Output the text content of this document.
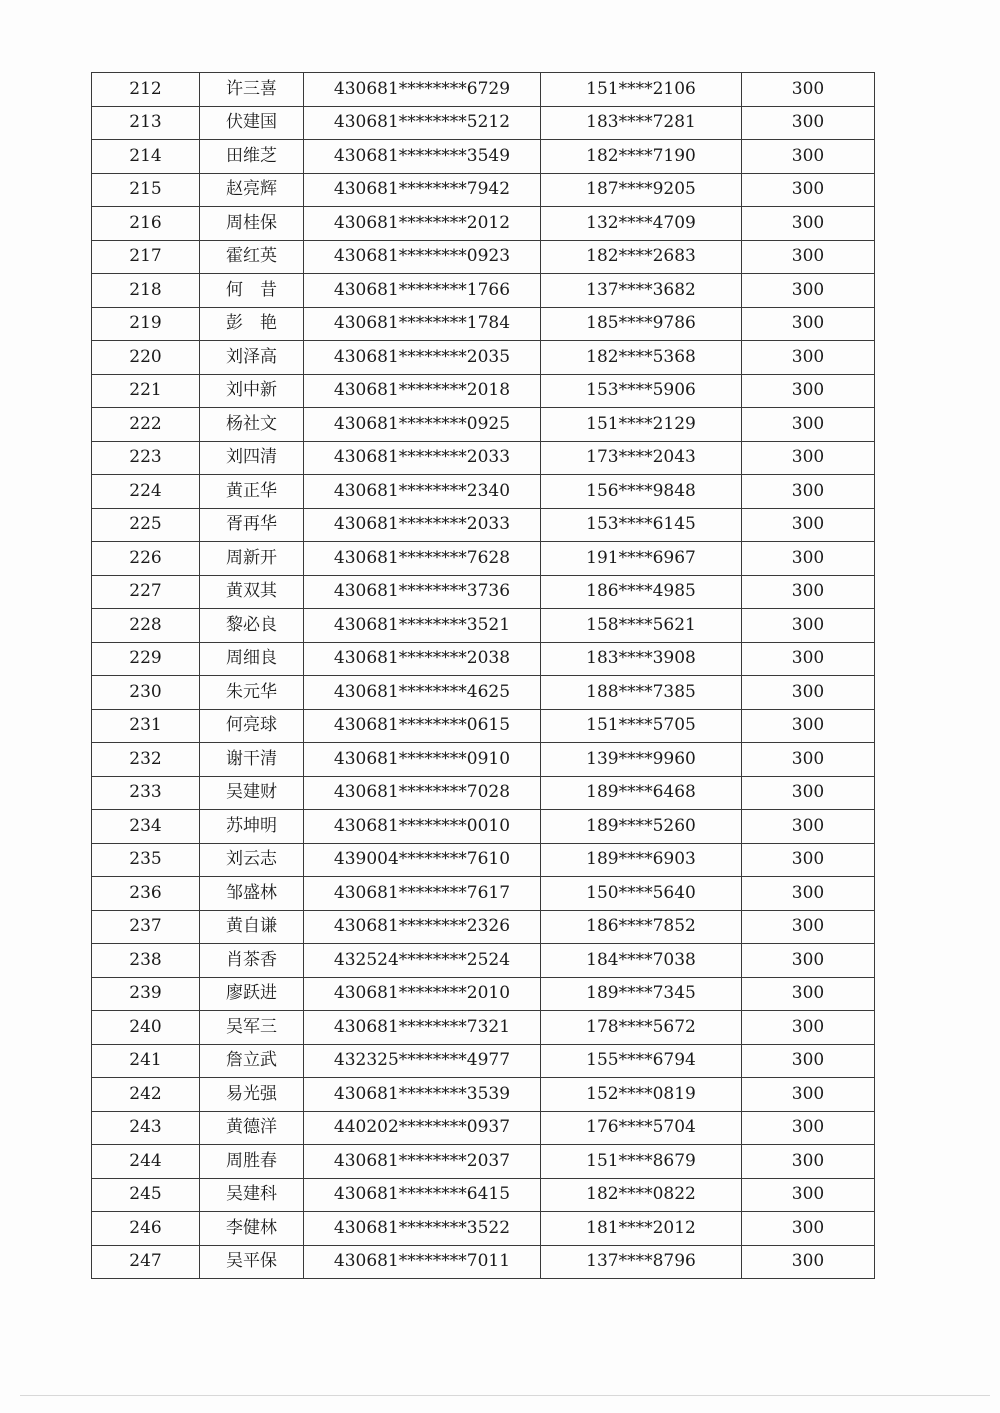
212	许三喜	430681********6729	151****2106	300
213	伏建国	430681********5212	183****7281	300
214	田维芝	430681********3549	182****7190	300
215	赵亮辉	430681********7942	187****9205	300
216	周桂保	430681********2012	132****4709	300
217	霍红英	430681********0923	182****2683	300
218	何　昔	430681********1766	137****3682	300
219	彭　艳	430681********1784	185****9786	300
220	刘泽高	430681********2035	182****5368	300
221	刘中新	430681********2018	153****5906	300
222	杨社文	430681********0925	151****2129	300
223	刘四清	430681********2033	173****2043	300
224	黄正华	430681********2340	156****9848	300
225	胥再华	430681********2033	153****6145	300
226	周新开	430681********7628	191****6967	300
227	黄双其	430681********3736	186****4985	300
228	黎必良	430681********3521	158****5621	300
229	周细良	430681********2038	183****3908	300
230	朱元华	430681********4625	188****7385	300
231	何亮球	430681********0615	151****5705	300
232	谢干清	430681********0910	139****9960	300
233	吴建财	430681********7028	189****6468	300
234	苏坤明	430681********0010	189****5260	300
235	刘云志	439004********7610	189****6903	300
236	邹盛林	430681********7617	150****5640	300
237	黄自谦	430681********2326	186****7852	300
238	肖茶香	432524********2524	184****7038	300
239	廖跃进	430681********2010	189****7345	300
240	吴军三	430681********7321	178****5672	300
241	詹立武	432325********4977	155****6794	300
242	易光强	430681********3539	152****0819	300
243	黄德洋	440202********0937	176****5704	300
244	周胜春	430681********2037	151****8679	300
245	吴建科	430681********6415	182****0822	300
246	李健林	430681********3522	181****2012	300
247	吴平保	430681********7011	137****8796	300
